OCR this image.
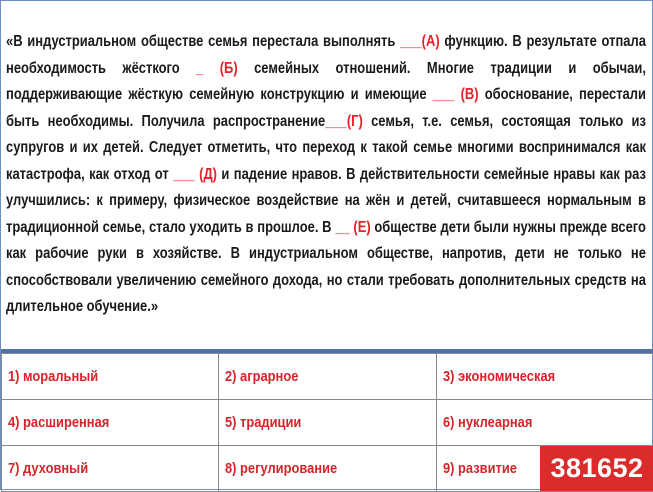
«В индустриальном обществе семья перестала выполнять ___(А) функцию. В результате отпала необходимость жёсткого _ (Б) семейных отношений. Многие традиции и обычаи, поддерживающие жёсткую семейную конструкцию и имеющие ___ (В) обоснование, перестали быть необходимы. Получила распространение___(Г) семья, т.е. семья, состоящая только из супругов и их детей. Следует отметить, что переход к такой семье многими воспринимался как катастрофа, как отход от ___ (Д) и падение нравов. В действительности семейные нравы как раз улучшились: к примеру, физическое воздействие на жён и детей, считавшееся нормальным в традиционной семье, стало уходить в прошлое. В __ (Е) обществе дети были нужны прежде всего как рабочие руки в хозяйстве. В индустриальном обществе, напротив, дети не только не способствовали увеличению семейного дохода, но стали требовать дополнительных средств на длительное обучение.»
1) моральный	2) аграрное	3) экономическая
4) расширенная	5) традиции	6) нуклеарная
7) духовный	8) регулирование	9) развитие	381652
